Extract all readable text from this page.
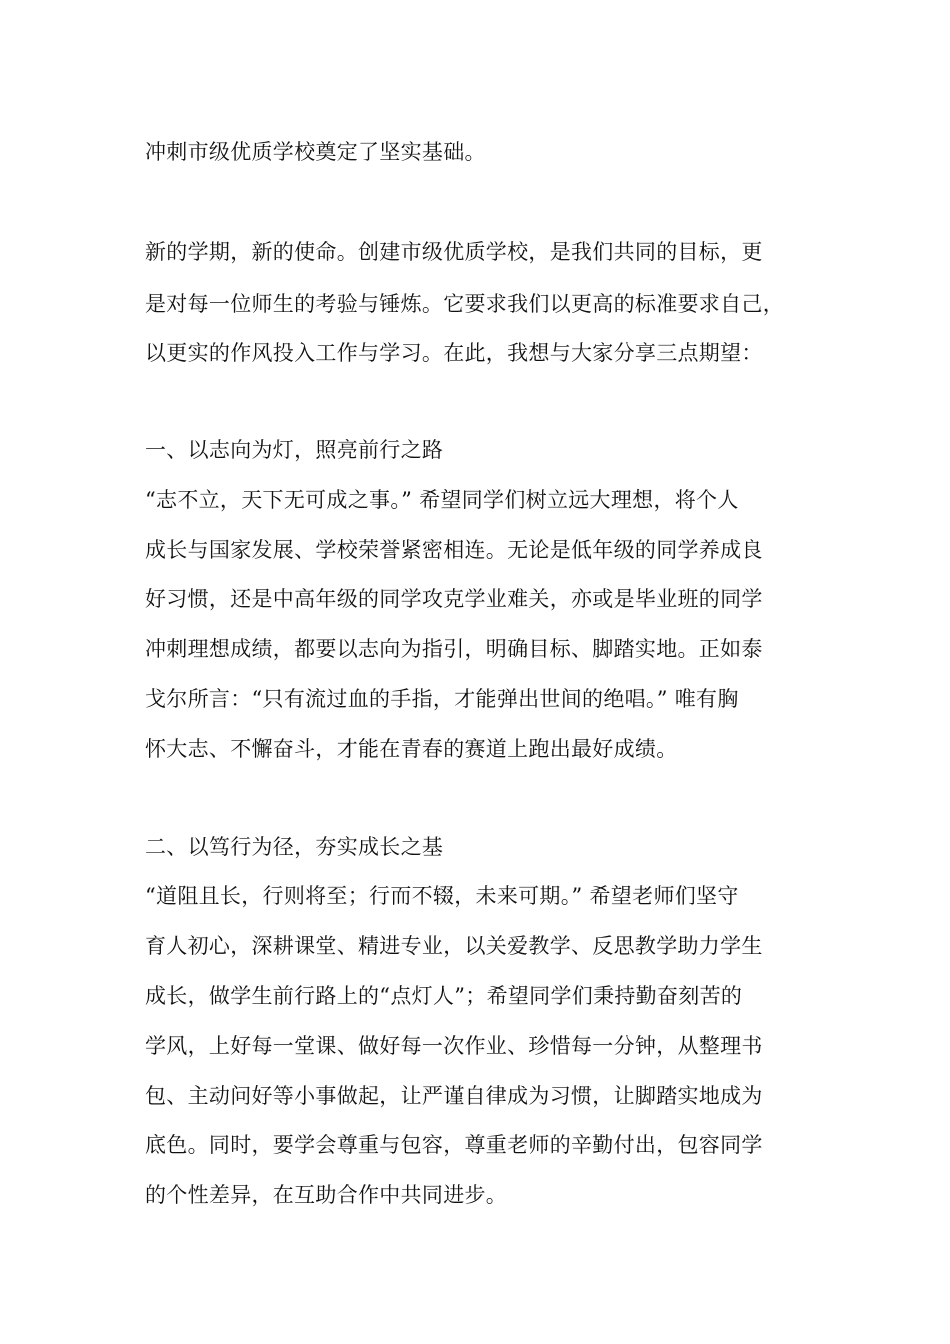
冲刺市级优质学校奠定了坚实基础。
新的学期，新的使命。创建市级优质学校，是我们共同的目标，更
是对每一位师生的考验与锤炼。它要求我们以更高的标准要求自己，
以更实的作风投入工作与学习。在此，我想与大家分享三点期望：
一、以志向为灯，照亮前行之路
“志不立，天下无可成之事。” 希望同学们树立远大理想，将个人
成长与国家发展、学校荣誉紧密相连。无论是低年级的同学养成良
好习惯，还是中高年级的同学攻克学业难关，亦或是毕业班的同学
冲刺理想成绩，都要以志向为指引，明确目标、脚踏实地。正如泰
戈尔所言：“只有流过血的手指，才能弹出世间的绝唱。” 唯有胸
怀大志、不懈奋斗，才能在青春的赛道上跑出最好成绩。
二、以笃行为径，夯实成长之基
“道阻且长，行则将至；行而不辍，未来可期。” 希望老师们坚守
育人初心，深耕课堂、精进专业，以关爱教学、反思教学助力学生
成长，做学生前行路上的“点灯人”；希望同学们秉持勤奋刻苦的
学风，上好每一堂课、做好每一次作业、珍惜每一分钟，从整理书
包、主动问好等小事做起，让严谨自律成为习惯，让脚踏实地成为
底色。同时，要学会尊重与包容，尊重老师的辛勤付出，包容同学
的个性差异，在互助合作中共同进步。
